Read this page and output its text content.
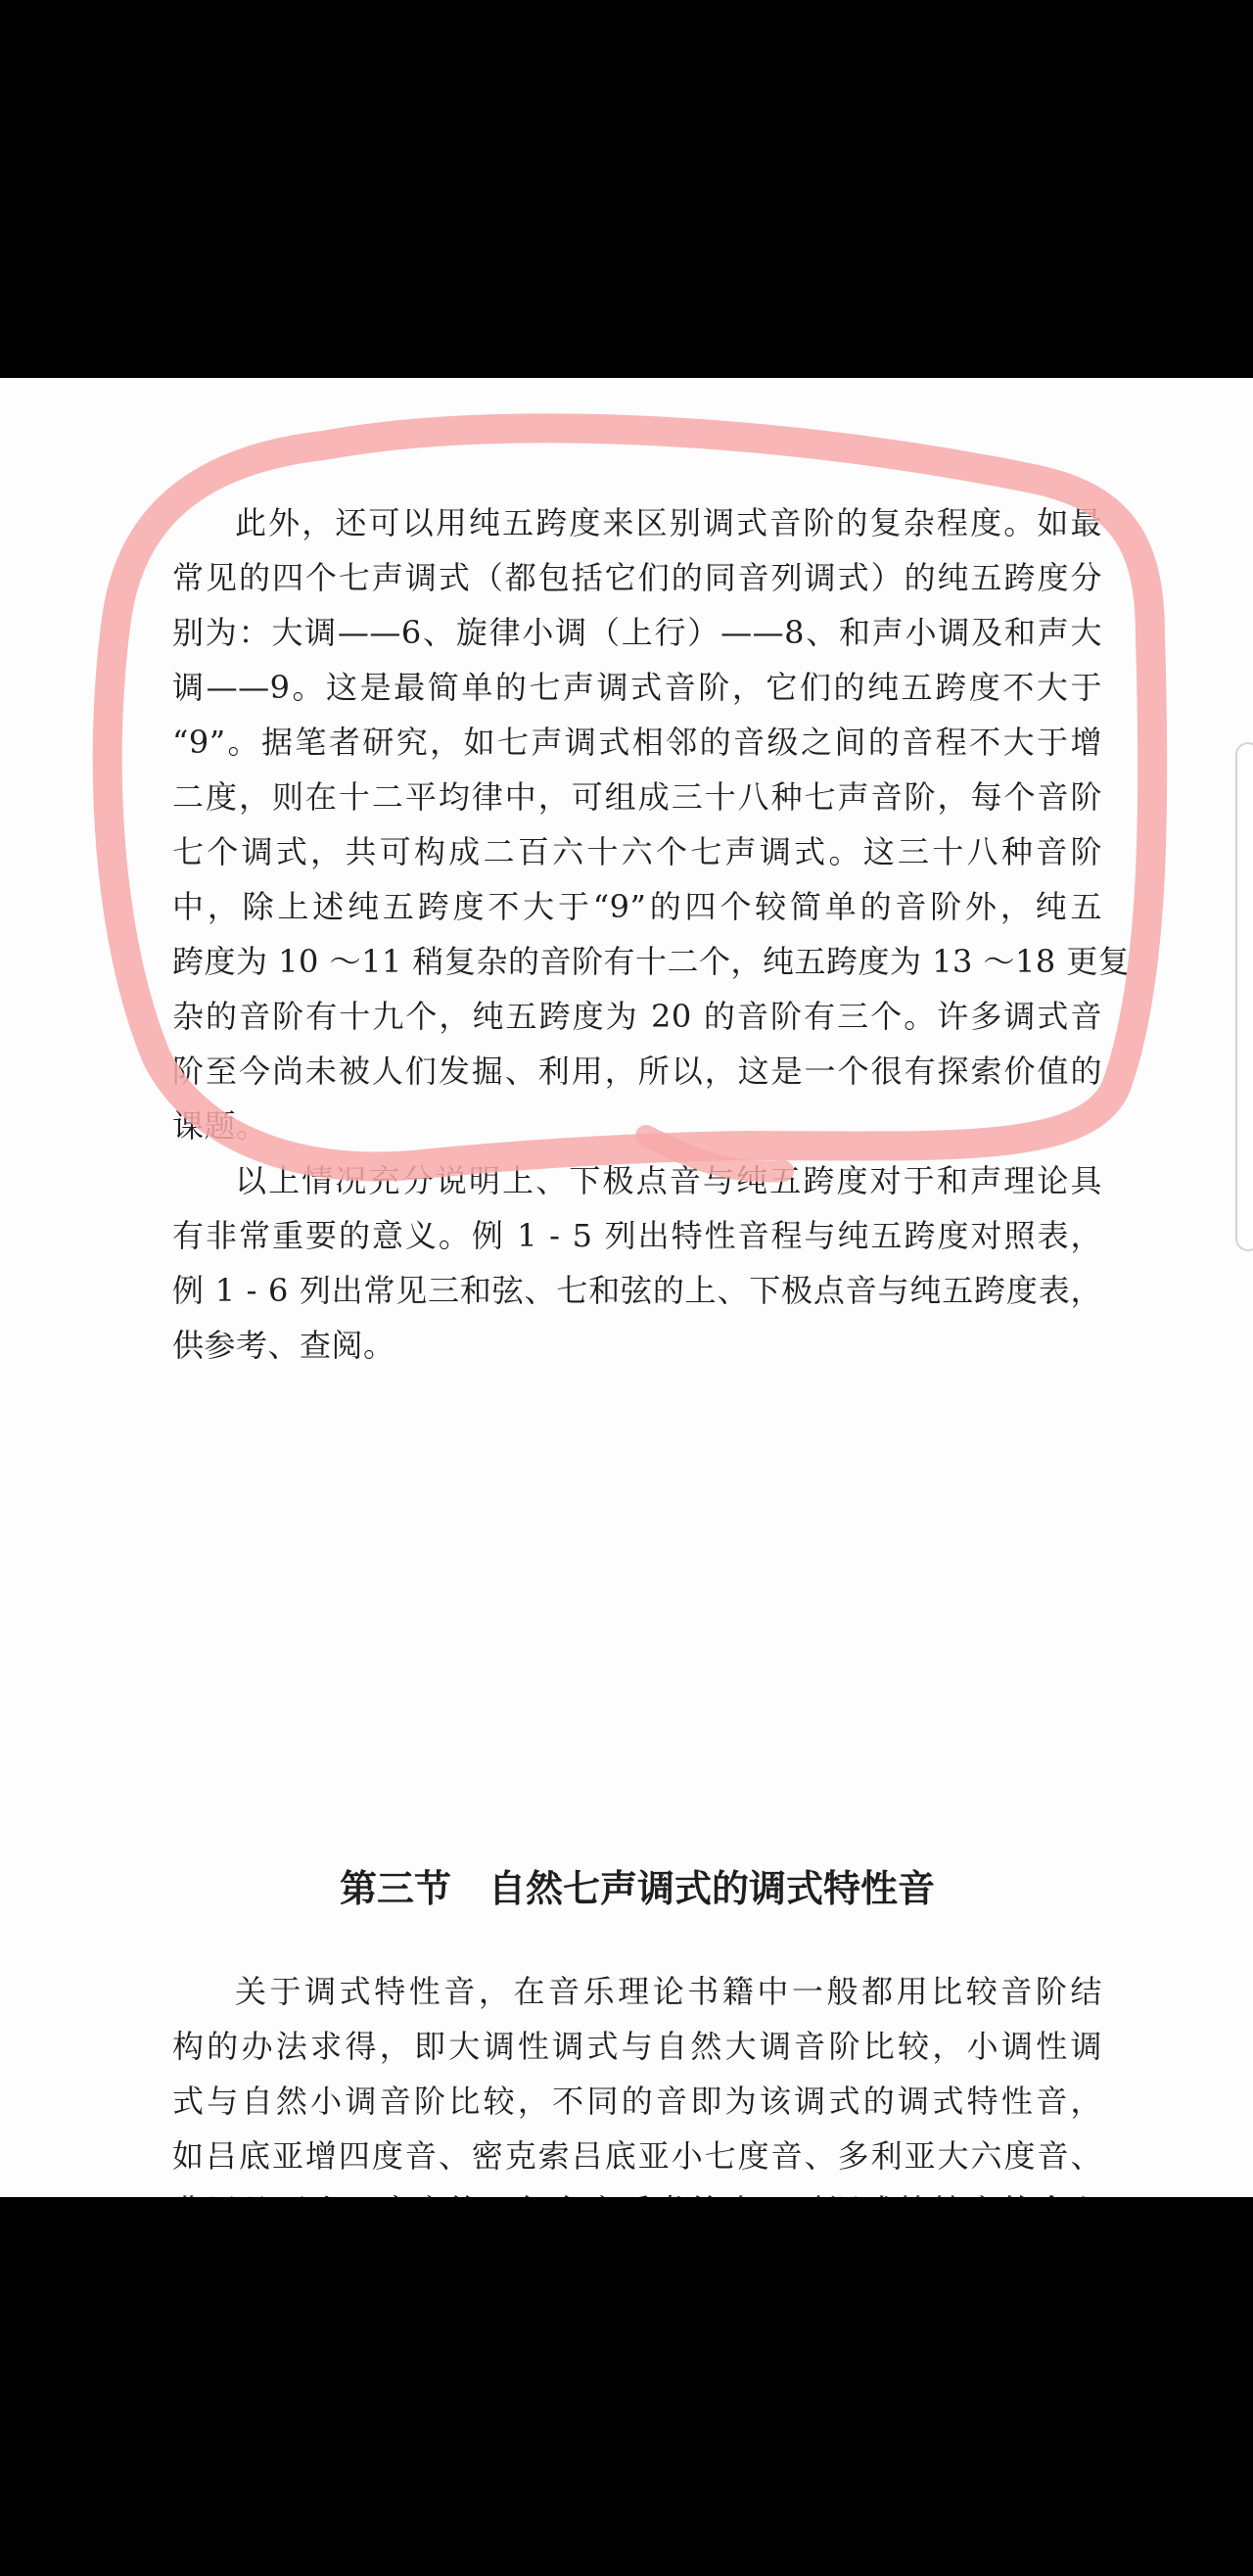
此外，还可以用纯五跨度来区别调式音阶的复杂程度。如最
常见的四个七声调式（都包括它们的同音列调式）的纯五跨度分
别为：大调——6、旋律小调（上行）——8、和声小调及和声大
调——9。这是最简单的七声调式音阶，它们的纯五跨度不大于
“9”。据笔者研究，如七声调式相邻的音级之间的音程不大于增
二度，则在十二平均律中，可组成三十八种七声音阶，每个音阶
七个调式，共可构成二百六十六个七声调式。这三十八种音阶
中，除上述纯五跨度不大于“9”的四个较简单的音阶外，纯五
跨度为 10 ～11 稍复杂的音阶有十二个，纯五跨度为 13 ～18 更复
杂的音阶有十九个，纯五跨度为 20 的音阶有三个。许多调式音
阶至今尚未被人们发掘、利用，所以，这是一个很有探索价值的
课题。
以上情况充分说明上、下极点音与纯五跨度对于和声理论具
有非常重要的意义。例 1 - 5 列出特性音程与纯五跨度对照表，
例 1 - 6 列出常见三和弦、七和弦的上、下极点音与纯五跨度表，
供参考、查阅。
第三节　自然七声调式的调式特性音
关于调式特性音，在音乐理论书籍中一般都用比较音阶结
构的办法求得，即大调性调式与自然大调音阶比较，小调性调
式与自然小调音阶比较，不同的音即为该调式的调式特性音，
如吕底亚增四度音、密克索吕底亚小七度音、多利亚大六度音、
